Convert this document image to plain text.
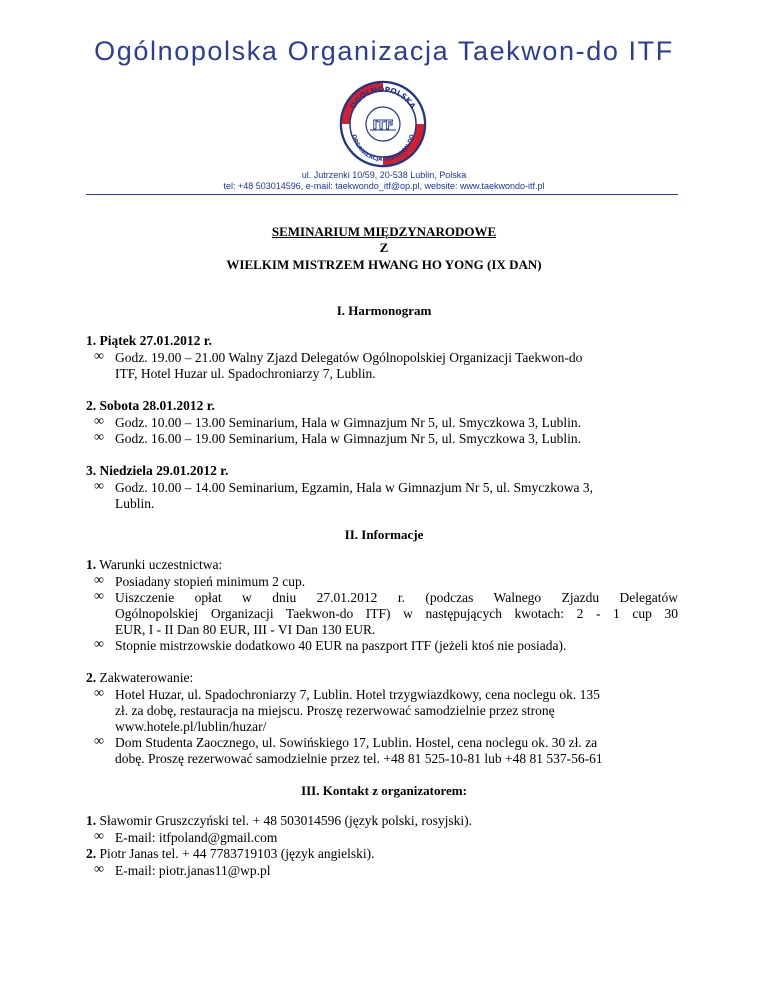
Ogólnopolska Organizacja Taekwon-do ITF
OGÓLNOPOLSKA
ORGANIZACJA TAEKWON-DO
ITF
ul. Jutrzenki 10/59, 20-538 Lublin, Polska
tel: +48 503014596, e-mail: taekwondo_itf@op.pl, website: www.taekwondo-itf.pl
SEMINARIUM MIĘDZYNARODOWE
Z
WIELKIM MISTRZEM HWANG HO YONG (IX DAN)
I. Harmonogram
1. Piątek 27.01.2012 r.
∞ Godz. 19.00 – 21.00 Walny Zjazd Delegatów Ogólnopolskiej Organizacji Taekwon-do
ITF, Hotel Huzar ul. Spadochroniarzy 7, Lublin.
2. Sobota 28.01.2012 r.
∞ Godz. 10.00 – 13.00 Seminarium, Hala w Gimnazjum Nr 5, ul. Smyczkowa 3, Lublin.
∞ Godz. 16.00 – 19.00 Seminarium, Hala w Gimnazjum Nr 5, ul. Smyczkowa 3, Lublin.
3. Niedziela 29.01.2012 r.
∞ Godz. 10.00 – 14.00 Seminarium, Egzamin, Hala w Gimnazjum Nr 5, ul. Smyczkowa 3,
Lublin.
II. Informacje
1. Warunki uczestnictwa:
∞ Posiadany stopień minimum 2 cup.
∞ Uiszczenie opłat w dniu 27.01.2012 r. (podczas Walnego Zjazdu Delegatów
Ogólnopolskiej Organizacji Taekwon-do ITF) w następujących kwotach: 2 - 1 cup 30
EUR, I - II Dan 80 EUR, III - VI Dan 130 EUR.
∞ Stopnie mistrzowskie dodatkowo 40 EUR na paszport ITF (jeżeli ktoś nie posiada).
2. Zakwaterowanie:
∞ Hotel Huzar, ul. Spadochroniarzy 7, Lublin. Hotel trzygwiazdkowy, cena noclegu ok. 135
zł. za dobę, restauracja na miejscu. Proszę rezerwować samodzielnie przez stronę
www.hotele.pl/lublin/huzar/
∞ Dom Studenta Zaocznego, ul. Sowińskiego 17, Lublin. Hostel, cena noclegu ok. 30 zł. za
dobę. Proszę rezerwować samodzielnie przez tel. +48 81 525-10-81 lub +48 81 537-56-61
III. Kontakt z organizatorem:
1. Sławomir Gruszczyński tel. + 48 503014596 (język polski, rosyjski).
∞ E-mail: itfpoland@gmail.com
2. Piotr Janas tel. + 44 7783719103 (język angielski).
∞ E-mail: piotr.janas11@wp.pl
